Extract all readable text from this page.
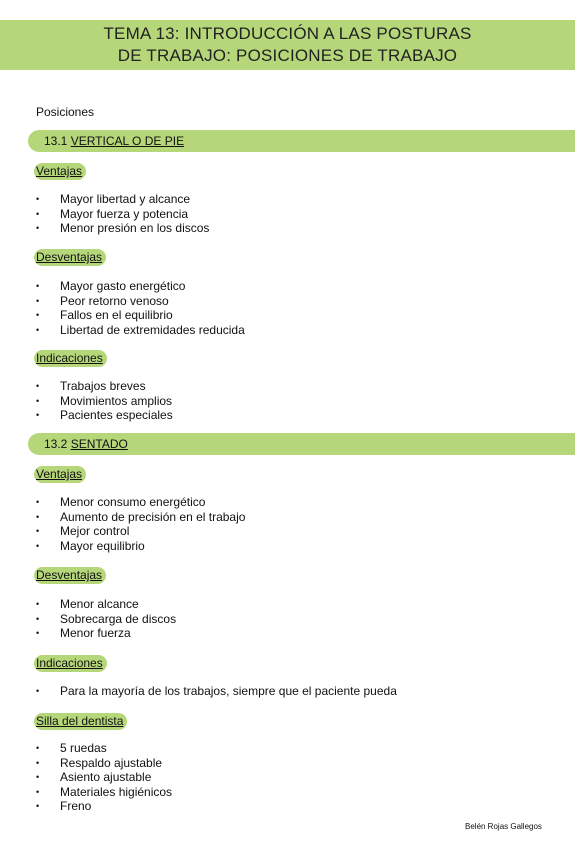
TEMA 13: INTRODUCCIÓN A LAS POSTURAS
DE TRABAJO: POSICIONES DE TRABAJO
Posiciones
13.1 VERTICAL O DE PIE
Ventajas
• Mayor libertad y alcance
• Mayor fuerza y potencia
• Menor presión en los discos
Desventajas
• Mayor gasto energético
• Peor retorno venoso
• Fallos en el equilibrio
• Libertad de extremidades reducida
Indicaciones
• Trabajos breves
• Movimientos amplios
• Pacientes especiales
13.2 SENTADO
Ventajas
• Menor consumo energético
• Aumento de precisión en el trabajo
• Mejor control
• Mayor equilibrio
Desventajas
• Menor alcance
• Sobrecarga de discos
• Menor fuerza
Indicaciones
• Para la mayoría de los trabajos, siempre que el paciente pueda
Silla del dentista
• 5 ruedas
• Respaldo ajustable
• Asiento ajustable
• Materiales higiénicos
• Freno
Belén Rojas Gallegos
